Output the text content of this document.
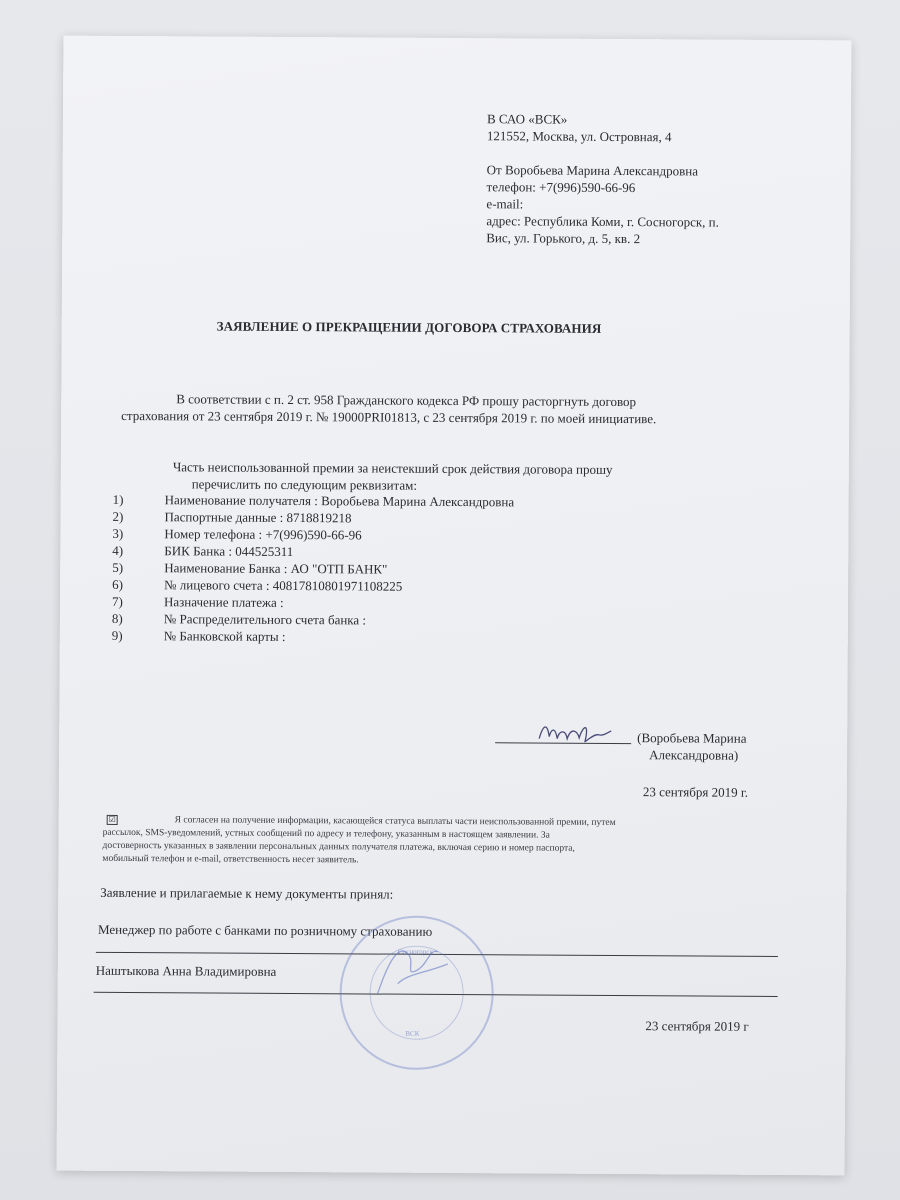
В САО «ВСК»
121552, Москва, ул. Островная, 4
От Воробьева Марина Александровна
телефон: +7(996)590-66-96
e-mail:
адрес: Республика Коми, г. Сосногорск, п.
Вис, ул. Горького, д. 5, кв. 2
ЗАЯВЛЕНИЕ О ПРЕКРАЩЕНИИ ДОГОВОРА СТРАХОВАНИЯ
В соответствии с п. 2 ст. 958 Гражданского кодекса РФ прошу расторгнуть договор
страхования от 23 сентября 2019 г. № 19000PRI01813, с 23 сентября 2019 г. по моей инициативе.
Часть неиспользованной премии за неистекший срок действия договора прошу
перечислить по следующим реквизитам:
1)	Наименование получателя : Воробьева Марина Александровна
2)	Паспортные данные : 8718819218
3)	Номер телефона : +7(996)590-66-96
4)	БИК Банка : 044525311
5)	Наименование Банка : АО "ОТП БАНК"
6)	№ лицевого счета : 40817810801971108225
7)	Назначение платежа :
8)	№ Распределительного счета банка :
9)	№ Банковской карты :
(Воробьева Марина
Александровна)
23 сентября 2019 г.
☑	Я согласен на получение информации, касающейся статуса выплаты части неиспользованной премии, путем
рассылок, SMS-уведомлений, устных сообщений по адресу и телефону, указанным в настоящем заявлении. За
достоверность указанных в заявлении персональных данных получателя платежа, включая серию и номер паспорта,
мобильный телефон и e-mail, ответственность несет заявитель.
Заявление и прилагаемые к нему документы принял:
Менеджер по работе с банками по розничному страхованию
Наштыкова Анна Владимировна
23 сентября 2019 г
Сосногорск
ВСК
